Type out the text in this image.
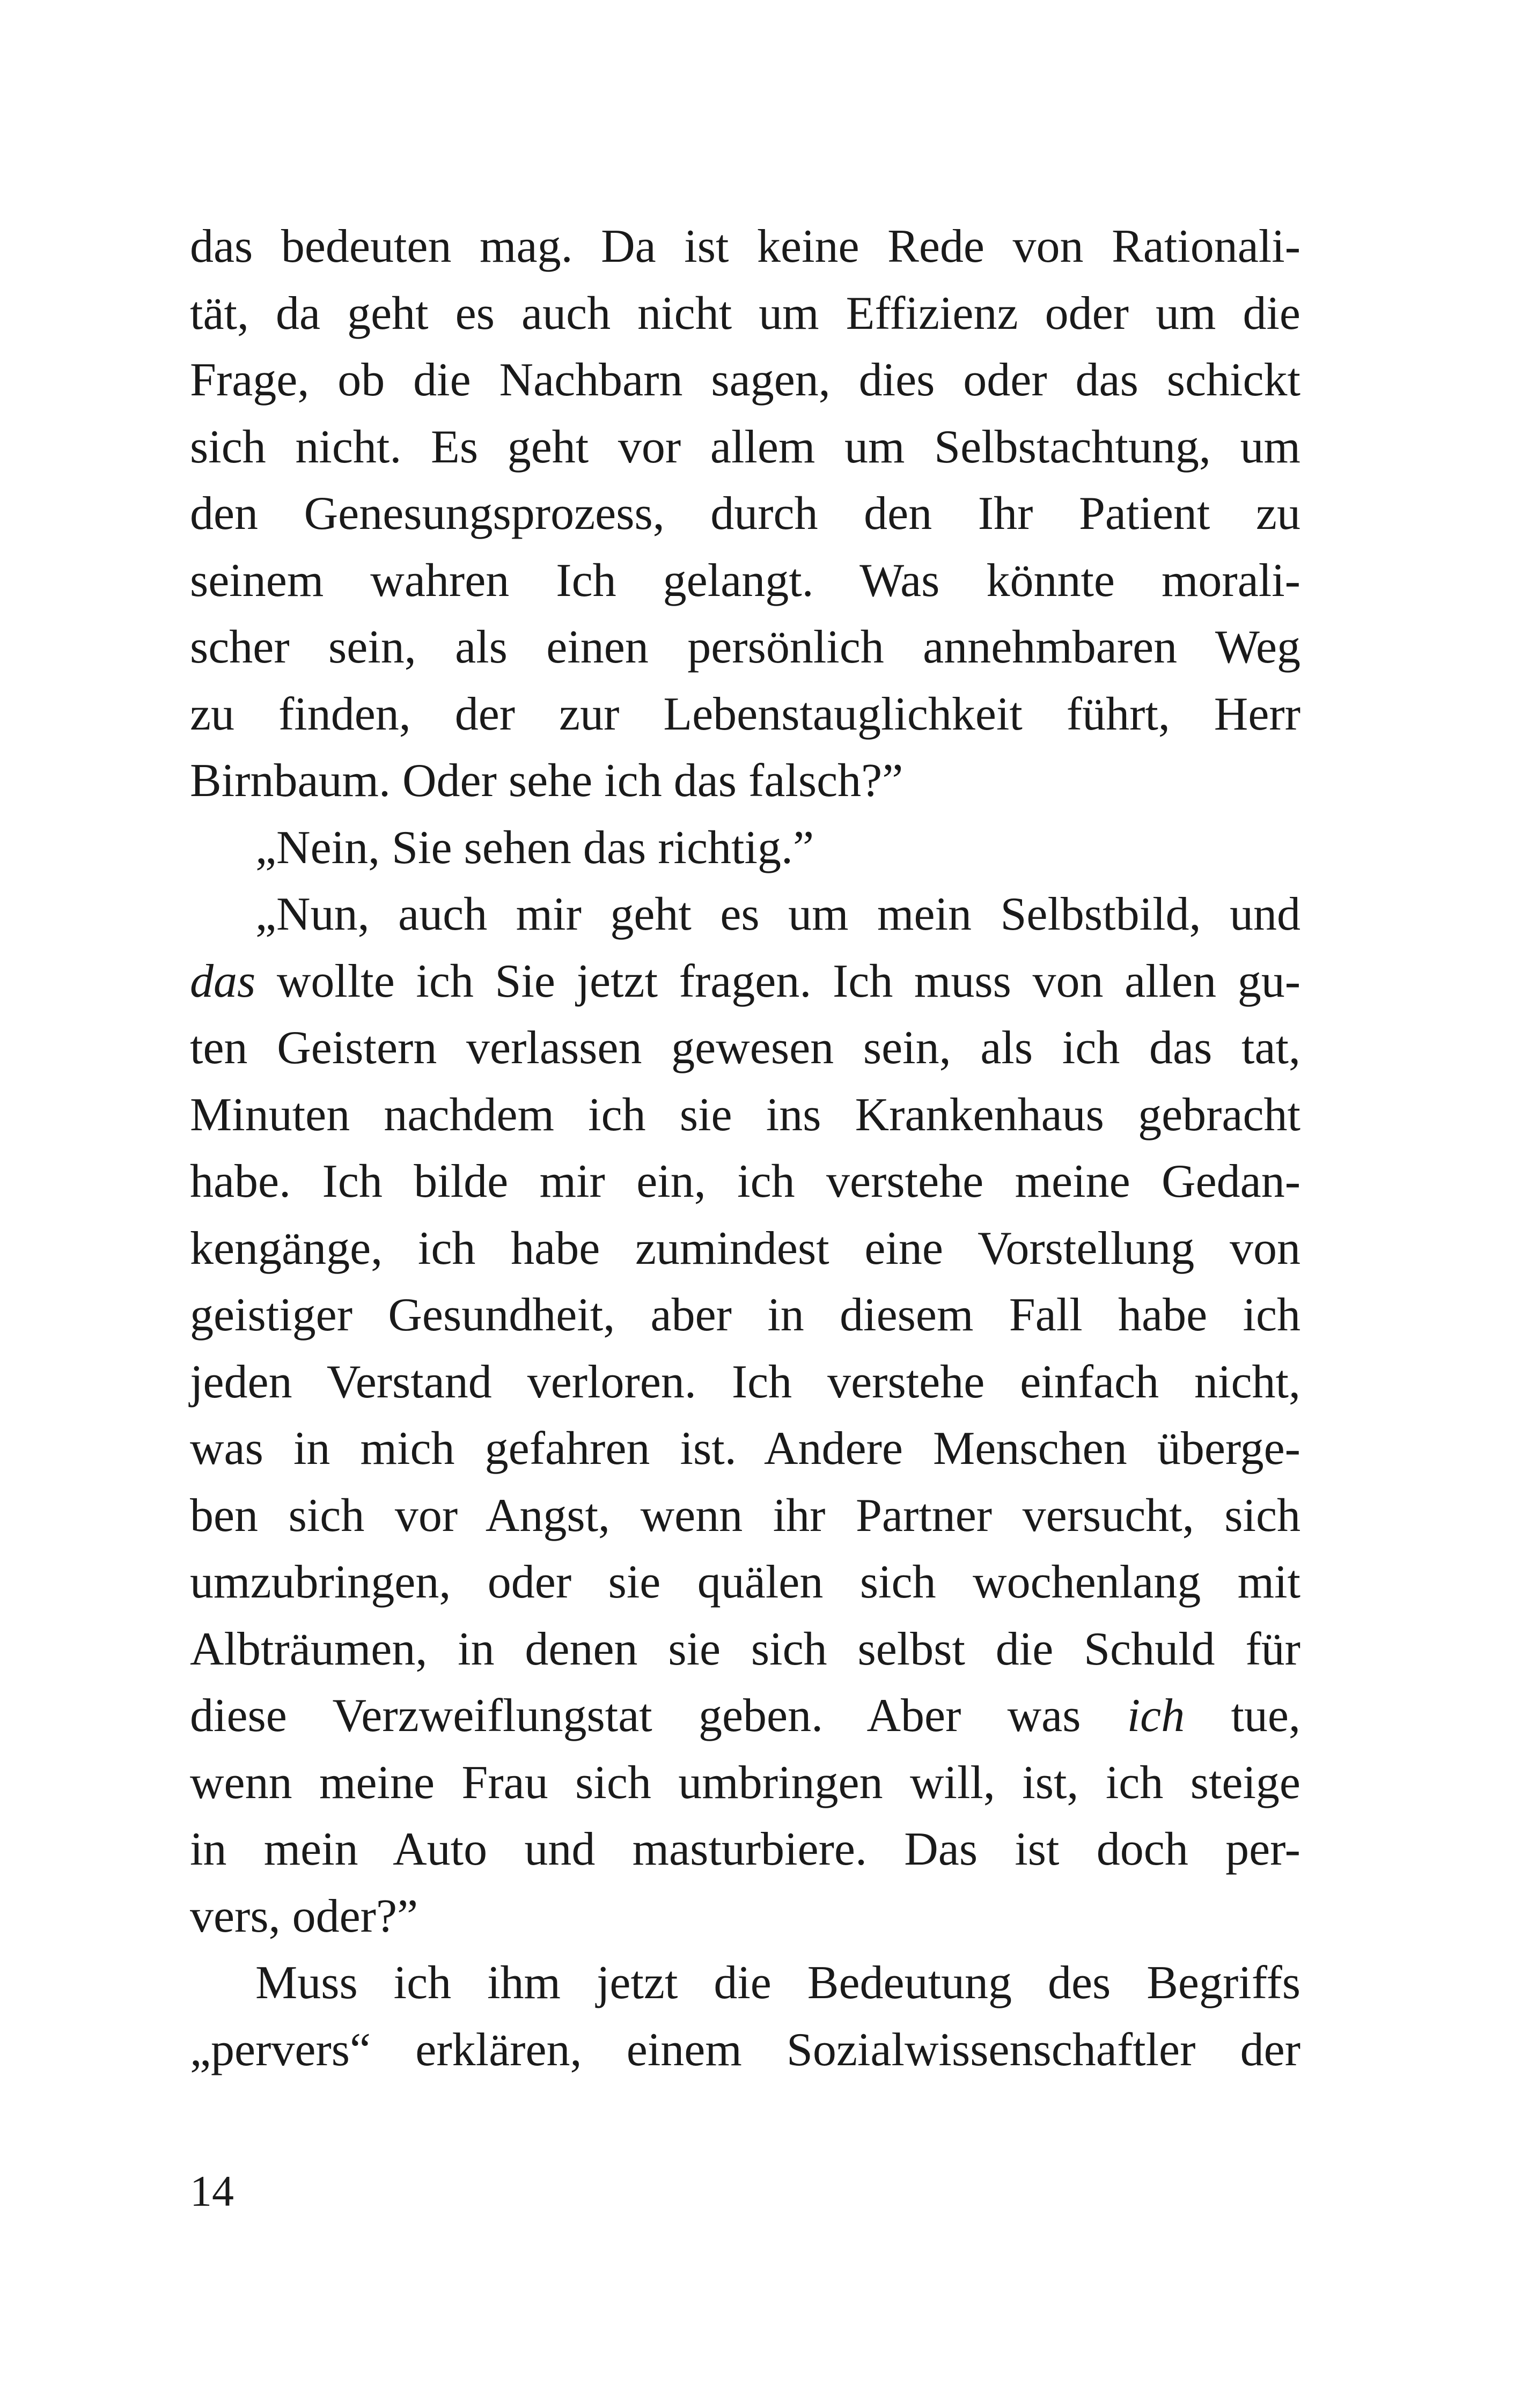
das bedeuten mag. Da ist keine Rede von Rationali-
tät, da geht es auch nicht um Effizienz oder um die
Frage, ob die Nachbarn sagen, dies oder das schickt
sich nicht. Es geht vor allem um Selbstachtung, um
den Genesungsprozess, durch den Ihr Patient zu
seinem wahren Ich gelangt. Was könnte morali-
scher sein, als einen persönlich annehmbaren Weg
zu finden, der zur Lebenstauglichkeit führt, Herr
Birnbaum. Oder sehe ich das falsch?”
„Nein, Sie sehen das richtig.”
„Nun, auch mir geht es um mein Selbstbild, und
das wollte ich Sie jetzt fragen. Ich muss von allen gu-
ten Geistern verlassen gewesen sein, als ich das tat,
Minuten nachdem ich sie ins Krankenhaus gebracht
habe. Ich bilde mir ein, ich verstehe meine Gedan-
kengänge, ich habe zumindest eine Vorstellung von
geistiger Gesundheit, aber in diesem Fall habe ich
jeden Verstand verloren. Ich verstehe einfach nicht,
was in mich gefahren ist. Andere Menschen überge-
ben sich vor Angst, wenn ihr Partner versucht, sich
umzubringen, oder sie quälen sich wochenlang mit
Albträumen, in denen sie sich selbst die Schuld für
diese Verzweiflungstat geben. Aber was ich tue,
wenn meine Frau sich umbringen will, ist, ich steige
in mein Auto und masturbiere. Das ist doch per-
vers, oder?”
Muss ich ihm jetzt die Bedeutung des Begriffs
„pervers“ erklären, einem Sozialwissenschaftler der
14
